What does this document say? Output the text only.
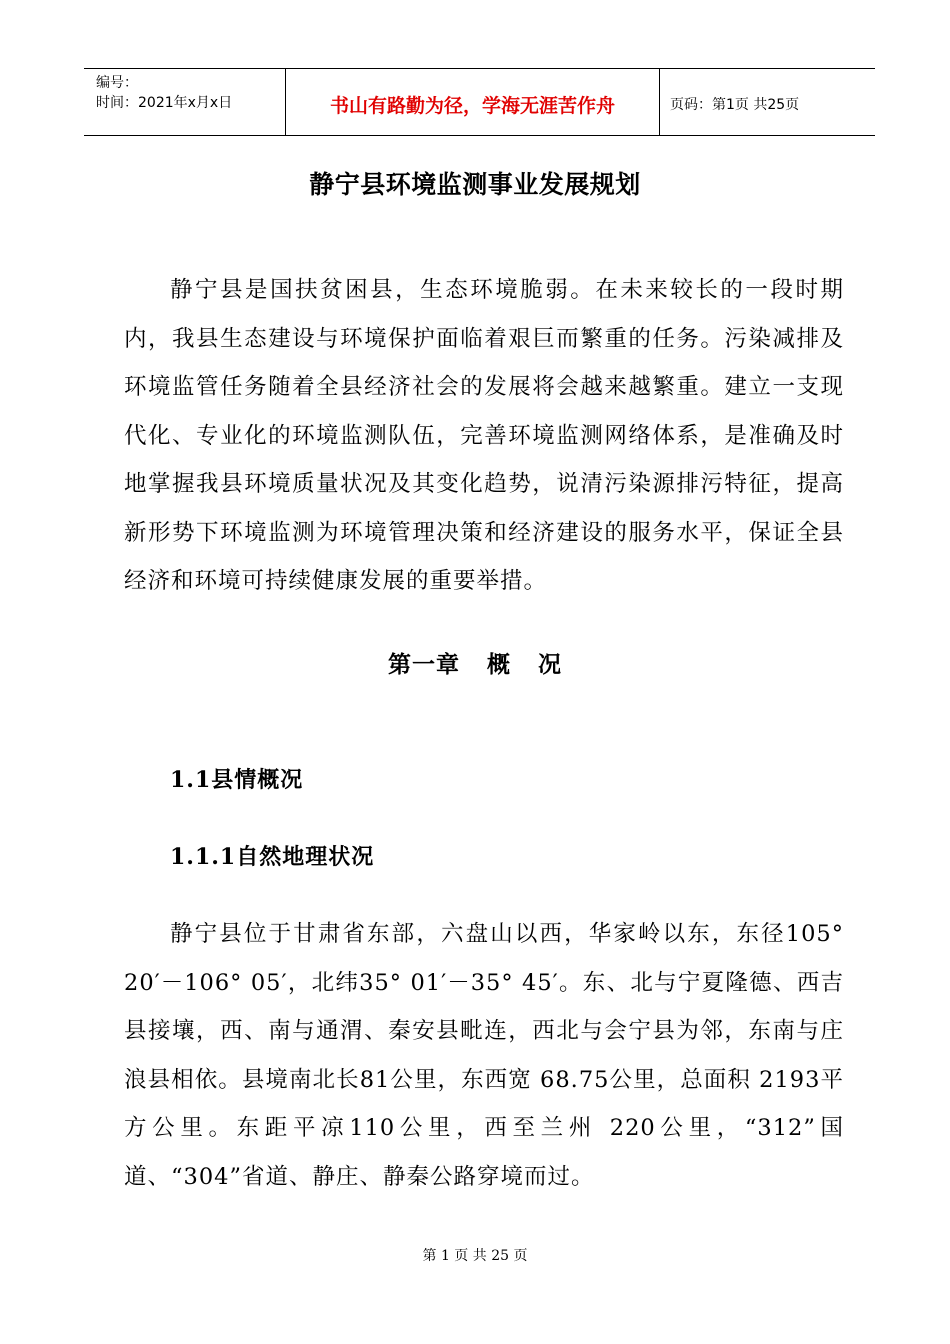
编号：
时间：2021年x月x日	书山有路勤为径，学海无涯苦作舟	页码：第1页 共25页
静宁县环境监测事业发展规划
静宁县是国扶贫困县，生态环境脆弱。在未来较长的一段时期内，我县生态建设与环境保护面临着艰巨而繁重的任务。污染减排及环境监管任务随着全县经济社会的发展将会越来越繁重。建立一支现代化、专业化的环境监测队伍，完善环境监测网络体系，是准确及时地掌握我县环境质量状况及其变化趋势，说清污染源排污特征，提高新形势下环境监测为环境管理决策和经济建设的服务水平，保证全县经济和环境可持续健康发展的重要举措。
第一章   概   况
1.1县情概况
1.1.1自然地理状况
静宁县位于甘肃省东部，六盘山以西，华家岭以东，东径105° 20′－106° 05′，北纬35° 01′－35° 45′。东、北与宁夏隆德、西吉县接壤，西、南与通渭、秦安县毗连，西北与会宁县为邻，东南与庄浪县相依。县境南北长81公里，东西宽 68.75公里，总面积 2193平方公里。东距平凉110公里，西至兰州 220公里，“312”国道、“304”省道、静庄、静秦公路穿境而过。
第 1 页 共 25 页
